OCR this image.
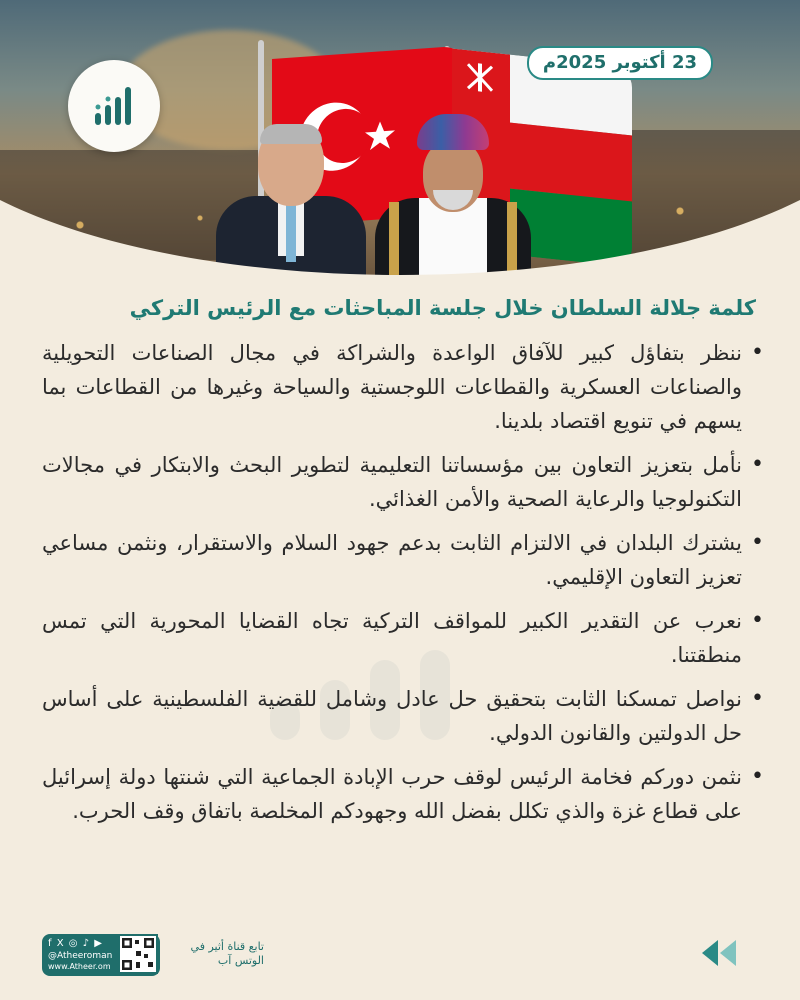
23 أكتوبر 2025م
كلمة جلالة السلطان خلال جلسة المباحثات مع الرئيس التركي
• ننظر بتفاؤل كبير للآفاق الواعدة والشراكة في مجال الصناعات التحويلية والصناعات العسكرية والقطاعات اللوجستية والسياحة وغيرها من القطاعات بما يسهم في تنويع اقتصاد بلدينا.
• نأمل بتعزيز التعاون بين مؤسساتنا التعليمية لتطوير البحث والابتكار في مجالات التكنولوجيا والرعاية الصحية والأمن الغذائي.
• يشترك البلدان في الالتزام الثابت بدعم جهود السلام والاستقرار، ونثمن مساعي تعزيز التعاون الإقليمي.
• نعرب عن التقدير الكبير للمواقف التركية تجاه القضايا المحورية التي تمس منطقتنا.
• نواصل تمسكنا الثابت بتحقيق حل عادل وشامل للقضية الفلسطينية على أساس حل الدولتين والقانون الدولي.
• نثمن دوركم فخامة الرئيس لوقف حرب الإبادة الجماعية التي شنتها دولة إسرائيل على قطاع غزة والذي تكلل بفضل الله وجهودكم المخلصة باتفاق وقف الحرب.
f X ◎ ♪ ▶
@Atheeroman
www.Atheer.om
تابع قناة أثير في الوتس آب
